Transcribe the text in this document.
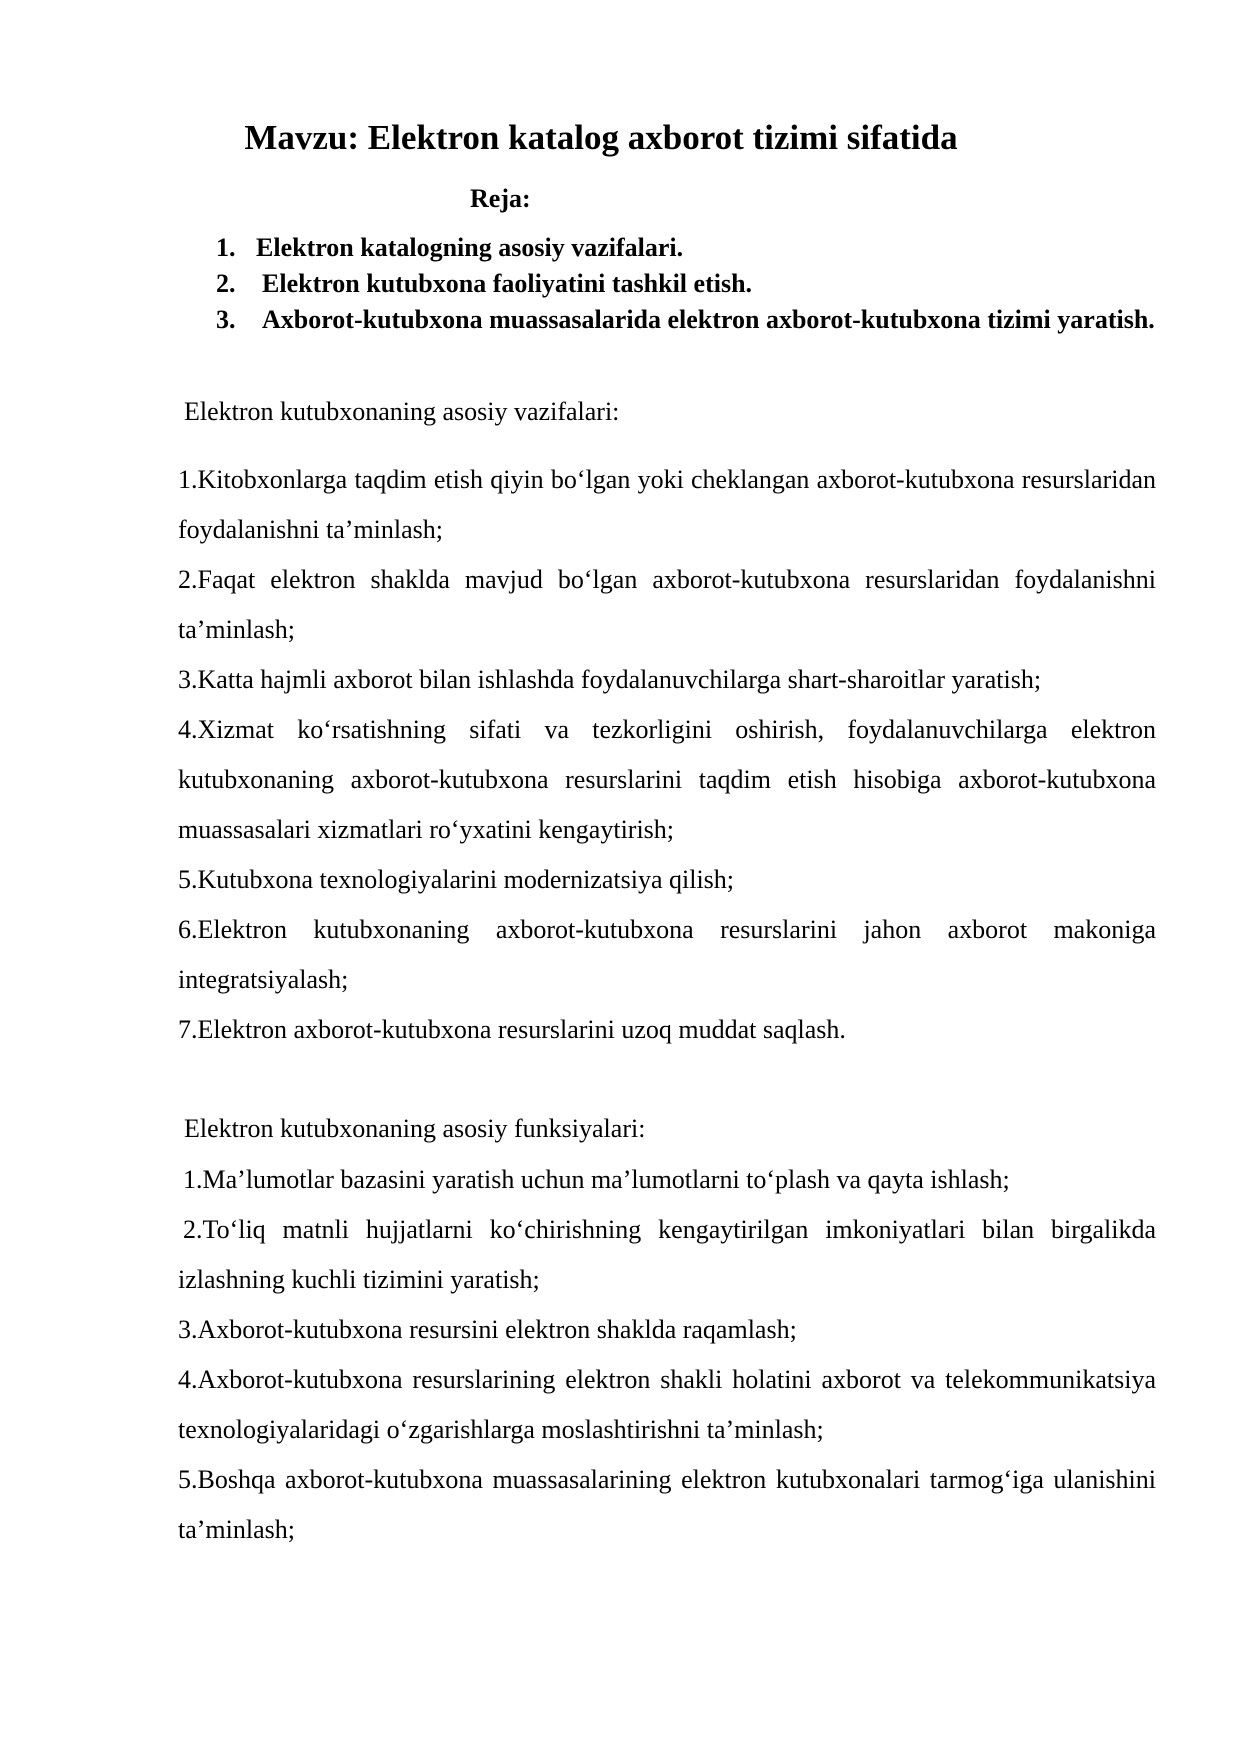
Mavzu: Elektron katalog axborot tizimi sifatida
Reja:
1. Elektron katalogning asosiy vazifalari.
2. Elektron kutubxona faoliyatini tashkil etish.
3. Axborot-kutubxona muassasalarida elektron axborot-kutubxona tizimi yaratish.
Elektron kutubxonaning asosiy vazifalari:

1.Kitobxonlarga taqdim etish qiyin bo‘lgan yoki cheklangan axborot-kutubxona resurslaridan foydalanishni ta’minlash;

2.Faqat elektron shaklda mavjud bo‘lgan axborot-kutubxona resurslaridan foydalanishni ta’minlash;

3.Katta hajmli axborot bilan ishlashda foydalanuvchilarga shart-sharoitlar yaratish;

4.Xizmat ko‘rsatishning sifati va tezkorligini oshirish, foydalanuvchilarga elektron kutubxonaning axborot-kutubxona resurslarini taqdim etish hisobiga axborot-kutubxona muassasalari xizmatlari ro‘yxatini kengaytirish;

5.Kutubxona texnologiyalarini modernizatsiya qilish;

6.Elektron kutubxonaning axborot-kutubxona resurslarini jahon axborot makoniga integratsiyalash;

7.Elektron axborot-kutubxona resurslarini uzoq muddat saqlash.

Elektron kutubxonaning asosiy funksiyalari:

1.Ma’lumotlar bazasini yaratish uchun ma’lumotlarni to‘plash va qayta ishlash;

2.To‘liq matnli hujjatlarni ko‘chirishning kengaytirilgan imkoniyatlari bilan birgalikda izlashning kuchli tizimini yaratish;

3.Axborot-kutubxona resursini elektron shaklda raqamlash;

4.Axborot-kutubxona resurslarining elektron shakli holatini axborot va telekommunikatsiya texnologiyalaridagi o‘zgarishlarga moslashtirishni ta’minlash;

5.Boshqa axborot-kutubxona muassasalarining elektron kutubxonalari tarmog‘iga ulanishini ta’minlash;
